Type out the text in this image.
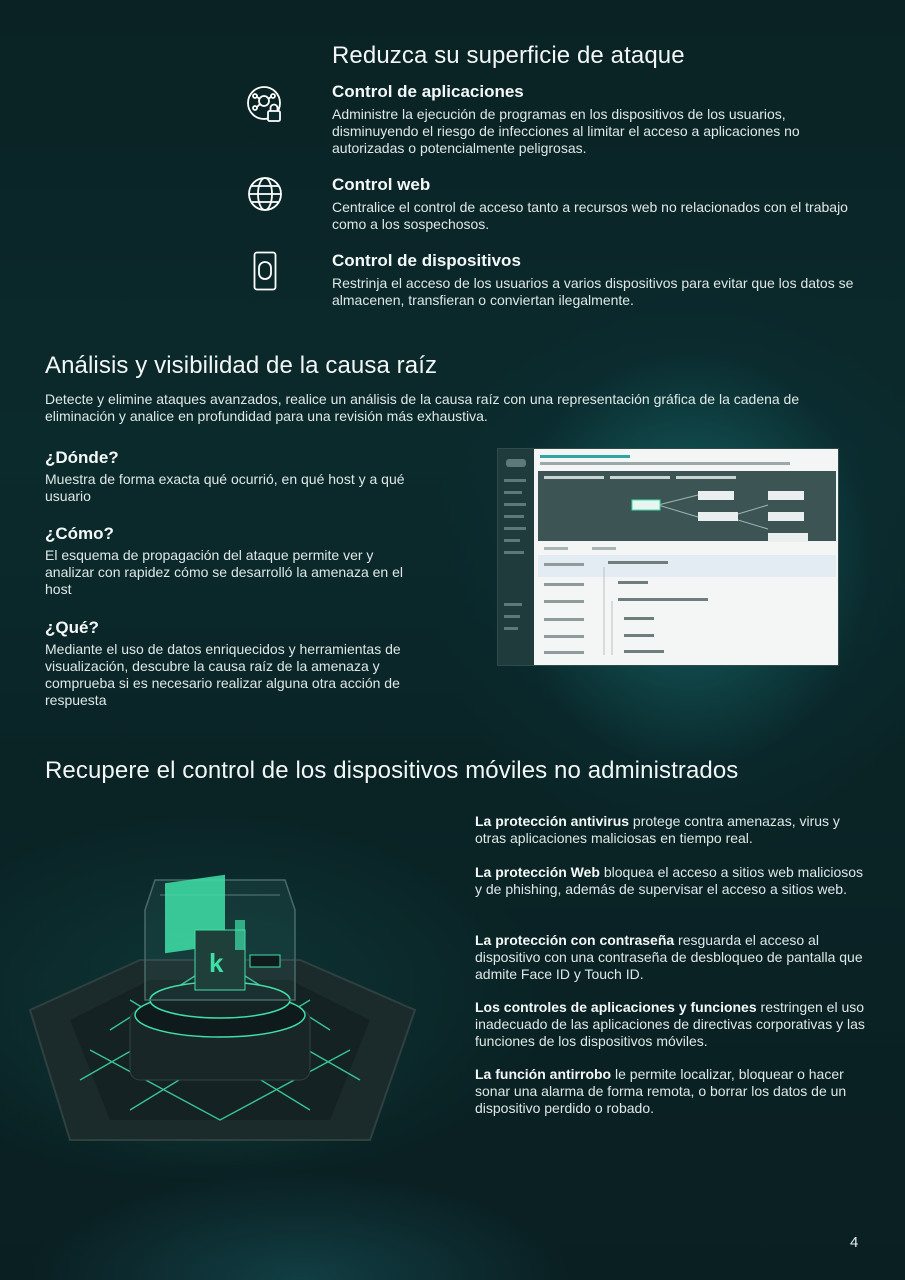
Reduzca su superficie de ataque
Control de aplicaciones

Administre la ejecución de programas en los dispositivos de los usuarios, disminuyendo el riesgo de infecciones al limitar el acceso a aplicaciones no autorizadas o potencialmente peligrosas.

Control web

Centralice el control de acceso tanto a recursos web no relacionados con el trabajo como a los sospechosos.

Control de dispositivos

Restrinja el acceso de los usuarios a varios dispositivos para evitar que los datos se almacenen, transfieran o conviertan ilegalmente.

Análisis y visibilidad de la causa raíz

Detecte y elimine ataques avanzados, realice un análisis de la causa raíz con una representación gráfica de la cadena de eliminación y analice en profundidad para una revisión más exhaustiva.

¿Dónde?

Muestra de forma exacta qué ocurrió, en qué host y a qué usuario

¿Cómo?

El esquema de propagación del ataque permite ver y analizar con rapidez cómo se desarrolló la amenaza en el host

¿Qué?

Mediante el uso de datos enriquecidos y herramientas de visualización, descubre la causa raíz de la amenaza y comprueba si es necesario realizar alguna otra acción de respuesta

Recupere el control de los dispositivos móviles no administrados
k

La protección antivirus protege contra amenazas, virus y otras aplicaciones maliciosas en tiempo real.

La protección Web bloquea el acceso a sitios web maliciosos y de phishing, además de supervisar el acceso a sitios web.

La protección con contraseña resguarda el acceso al dispositivo con una contraseña de desbloqueo de pantalla que admite Face ID y Touch ID.

Los controles de aplicaciones y funciones restringen el uso inadecuado de las aplicaciones de directivas corporativas y las funciones de los dispositivos móviles.

La función antirrobo le permite localizar, bloquear o hacer sonar una alarma de forma remota, o borrar los datos de un dispositivo perdido o robado.

4
